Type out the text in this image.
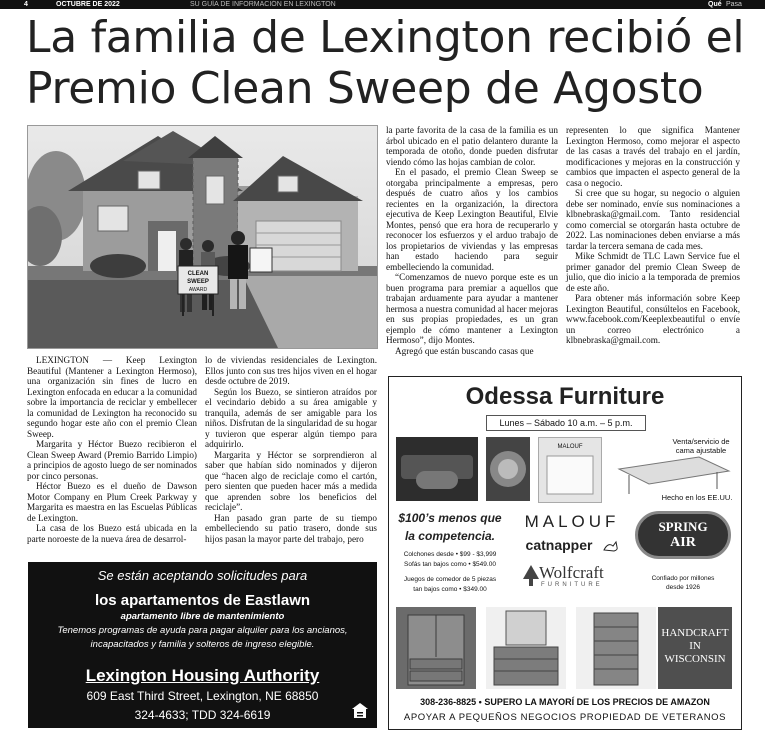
4	OCTUBRE DE 2022	SU GUÍA DE INFORMACIÓN EN LEXINGTON	Qué Pasa
La familia de Lexington recibió el
Premio Clean Sweep de Agosto
CLEAN
SWEEP
AWARD

LEXINGTON — Keep Lexington Beautiful (Mantener a Lexington Hermoso), una organización sin fines de lucro en Lexington enfocada en educar a la comunidad sobre la importancia de reciclar y embellecer la comunidad de Lexington ha reconocido su segundo hogar este año con el premio Clean Sweep.

Margarita y Héctor Buezo recibieron el Clean Sweep Award (Premio Barrido Limpio) a principios de agosto luego de ser nominados por cinco personas.

Héctor Buezo es el dueño de Dawson Motor Company en Plum Creek Parkway y Margarita es maestra en las Escuelas Públicas de Lexington.

La casa de los Buezo está ubicada en la parte noroeste de la nueva área de desarrol-

lo de viviendas residenciales de Lexington. Ellos junto con sus tres hijos viven en el hogar desde octubre de 2019.

Según los Buezo, se sintieron atraídos por el vecindario debido a su área amigable y tranquila, además de ser amigable para los niños. Disfrutan de la singularidad de su hogar y tuvieron que esperar algún tiempo para adquirirlo.

Margarita y Héctor se sorprendieron al saber que habían sido nominados y dijeron que “hacen algo de reciclaje como el cartón, pero sienten que pueden hacer más a medida que aprenden sobre los beneficios del reciclaje”.

Han pasado gran parte de su tiempo embelleciendo su patio trasero, donde sus hijos pasan la mayor parte del trabajo, pero

la parte favorita de la casa de la familia es un árbol ubicado en el patio delantero durante la temporada de otoño, donde pueden disfrutar viendo cómo las hojas cambian de color.

En el pasado, el premio Clean Sweep se otorgaba principalmente a empresas, pero después de cuatro años y los cambios recientes en la organización, la directora ejecutiva de Keep Lexington Beautiful, Elvie Montes, pensó que era hora de recuperarlo y reconocer los esfuerzos y el arduo trabajo de los propietarios de viviendas y las empresas han estado haciendo para seguir embelleciendo la comunidad.

“Comenzamos de nuevo porque este es un buen programa para premiar a aquellos que trabajan arduamente para ayudar a mantener hermosa a nuestra comunidad al hacer mejoras en sus propias propiedades, es un gran ejemplo de cómo mantener a Lexington Hermoso”, dijo Montes.

Agregó que están buscando casas que

representen lo que significa Mantener Lexington Hermoso, como mejorar el aspecto de las casas a través del trabajo en el jardín, modificaciones y mejoras en la construcción y cambios que impacten el aspecto general de la casa o negocio.

Si cree que su hogar, su negocio o alguien debe ser nominado, envíe sus nominaciones a klbnebraska@gmail.com. Tanto residencial como comercial se otorgarán hasta octubre de 2022. Las nominaciones deben enviarse a más tardar la tercera semana de cada mes.

Mike Schmidt de TLC Lawn Service fue el primer ganador del premio Clean Sweep de julio, que dio inicio a la temporada de premios de este año.

Para obtener más información sobre Keep Lexington Beautiful, consúltelos en Facebook, www.facebook.com/Keeplexbeautiful o envíe un correo electrónico a klbnebraska@gmail.com.

Se están aceptando solicitudes para
los apartamentos de Eastlawn
apartamento libre de mantenimiento
Tenemos programas de ayuda para pagar alquiler para los ancianos,
incapacitados y familia y solteros de ingreso elegible.
Lexington Housing Authority
609 East Third Street, Lexington, NE 68850
324-4633; TDD 324-6619
Odessa Furniture
Lunes – Sábado 10 a.m. – 5 p.m.
MALOUF
Venta/servicio de cama ajustable
Hecho en los EE.UU.
$100’s menos que
la competencia.
Colchones desde • $99 - $3,999
Sofás tan bajos como • $549.00
Juegos de comedor de 5 piezas
tan bajos como • $349.00
MALOUF
catnapper
Wolfcraft
FURNITURE
SPRING
AIR
Confiado por millones
desde 1926
HANDCRAFT
IN
WISCONSIN
308-236-8825 • SUPERO LA MAYORÍ DE LOS PRECIOS DE AMAZON
APOYAR A PEQUEÑOS NEGOCIOS PROPIEDAD DE VETERANOS
